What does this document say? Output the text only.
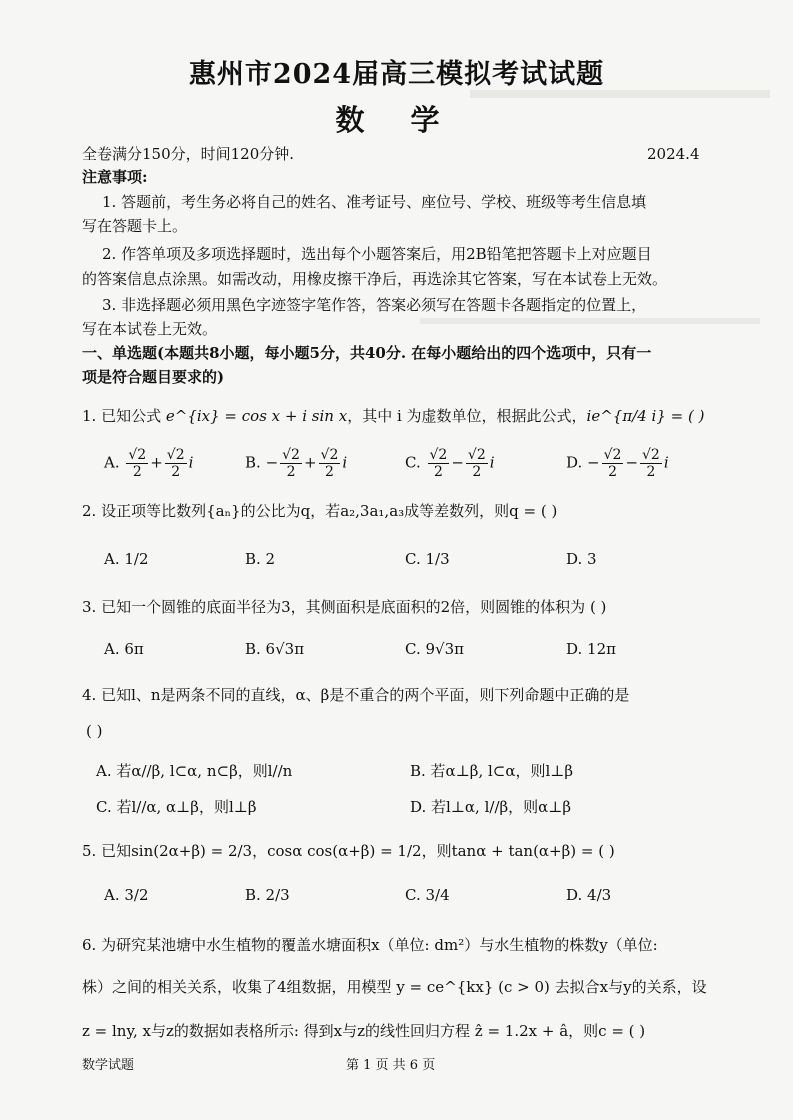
惠州市2024届高三模拟考试试题
数 学
全卷满分150分，时间120分钟.	2024.4
注意事项:
1. 答题前，考生务必将自己的姓名、准考证号、座位号、学校、班级等考生信息填
写在答题卡上。
2. 作答单项及多项选择题时，选出每个小题答案后，用2B铅笔把答题卡上对应题目
的答案信息点涂黑。如需改动，用橡皮擦干净后，再选涂其它答案，写在本试卷上无效。
3. 非选择题必须用黑色字迹签字笔作答，答案必须写在答题卡各题指定的位置上，
写在本试卷上无效。
一、单选题(本题共8小题，每小题5分，共40分. 在每小题给出的四个选项中，只有一
项是符合题目要求的)
1. 已知公式 e^{ix} = cos x + i sin x，其中 i 为虚数单位，根据此公式，ie^{π/4 i} = ( )
A. $\frac{√2}{2} + \frac{√2}{2}$ i	B. − $\frac{√2}{2} + \frac{√2}{2}$ i	C. $\frac{√2}{2} - \frac{√2}{2}$ i	D. − $\frac{√2}{2} - \frac{√2}{2}$ i
2. 设正项等比数列{aₙ}的公比为q，若a₂,3a₁,a₃成等差数列，则q = ( )
A. 1/2	B. 2	C. 1/3	D. 3
3. 已知一个圆锥的底面半径为3，其侧面积是底面积的2倍，则圆锥的体积为 ( )
A. 6π	B. 6√3π	C. 9√3π	D. 12π
4. 已知l、n是两条不同的直线，α、β是不重合的两个平面，则下列命题中正确的是
( )
A. 若α//β, l⊂α, n⊂β，则l//n	B. 若α⊥β, l⊂α，则l⊥β
C. 若l//α, α⊥β，则l⊥β	D. 若l⊥α, l//β，则α⊥β
5. 已知sin(2α+β) = 2/3，cosα cos(α+β) = 1/2，则tanα + tan(α+β) = ( )
A. 3/2	B. 2/3	C. 3/4	D. 4/3
6. 为研究某池塘中水生植物的覆盖水塘面积x（单位: dm²）与水生植物的株数y（单位:
株）之间的相关关系，收集了4组数据，用模型 y = ce^{kx} (c > 0) 去拟合x与y的关系，设
z = lny, x与z的数据如表格所示: 得到x与z的线性回归方程 ẑ = 1.2x + â，则c = ( )
数学试题	第 1 页 共 6 页
